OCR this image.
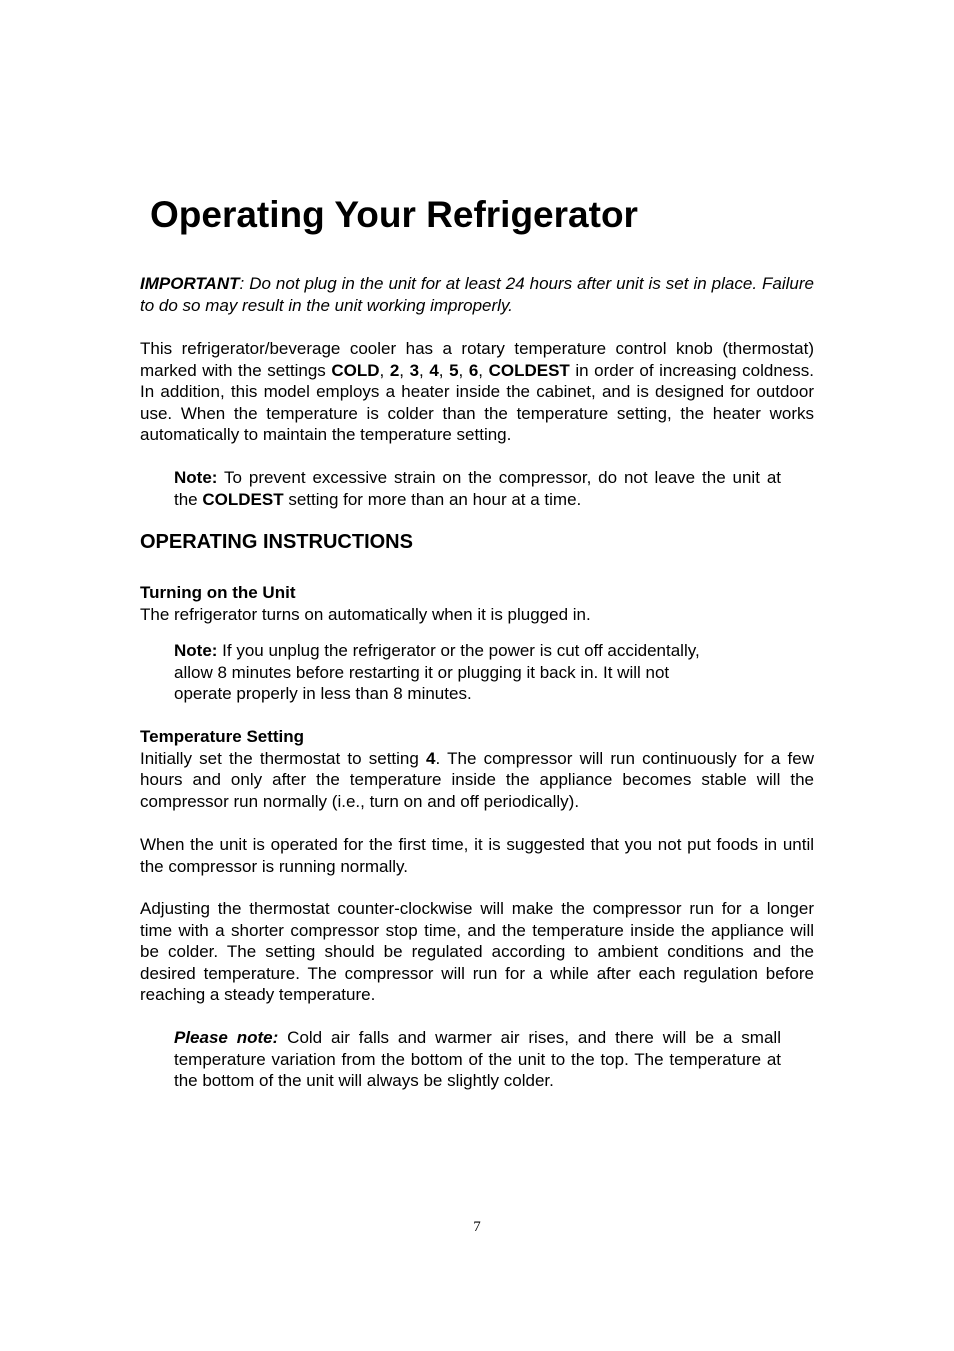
Operating Your Refrigerator
IMPORTANT: Do not plug in the unit for at least 24 hours after unit is set in place. Failure to do so may result in the unit working improperly.
This refrigerator/beverage cooler has a rotary temperature control knob (thermostat) marked with the settings COLD, 2, 3, 4, 5, 6, COLDEST in order of increasing coldness. In addition, this model employs a heater inside the cabinet, and is designed for outdoor use. When the temperature is colder than the temperature setting, the heater works automatically to maintain the temperature setting.
Note: To prevent excessive strain on the compressor, do not leave the unit at the COLDEST setting for more than an hour at a time.
OPERATING INSTRUCTIONS
Turning on the Unit
The refrigerator turns on automatically when it is plugged in.
Note: If you unplug the refrigerator or the power is cut off accidentally,
allow 8 minutes before restarting it or plugging it back in. It will not
operate properly in less than 8 minutes.
Temperature Setting
Initially set the thermostat to setting 4. The compressor will run continuously for a few hours and only after the temperature inside the appliance becomes stable will the compressor run normally (i.e., turn on and off periodically).
When the unit is operated for the first time, it is suggested that you not put foods in until the compressor is running normally.
Adjusting the thermostat counter-clockwise will make the compressor run for a longer time with a shorter compressor stop time, and the temperature inside the appliance will be colder. The setting should be regulated according to ambient conditions and the desired temperature. The compressor will run for a while after each regulation before reaching a steady temperature.
Please note: Cold air falls and warmer air rises, and there will be a small temperature variation from the bottom of the unit to the top. The temperature at the bottom of the unit will always be slightly colder.
7
